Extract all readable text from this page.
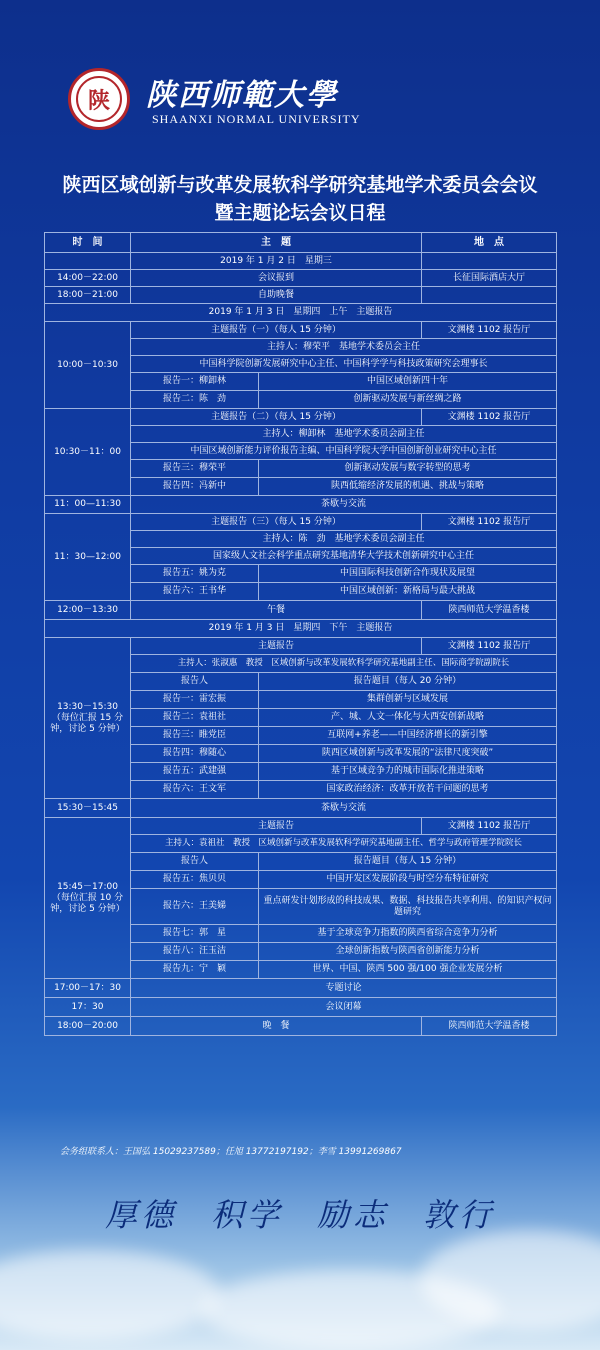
陕	陕西师範大學
SHAANXI NORMAL UNIVERSITY
陕西区域创新与改革发展软科学研究基地学术委员会会议
暨主题论坛会议日程
时　间	主　题		地　点
	2019 年 1 月 2 日　星期三		
14:00－22:00	会议报到		长征国际酒店大厅
18:00－21:00	自助晚餐		
2019 年 1 月 3 日　星期四　上午　主题报告			
10:00－10:30	主题报告（一）（每人 15 分钟）		文渊楼 1102 报告厅
	主持人：穆荣平　基地学术委员会主任		
	中国科学院创新发展研究中心主任、中国科学学与科技政策研究会理事长		
	报告一：柳卸林	中国区域创新四十年	
	报告二：陈　劲	创新驱动发展与新丝绸之路	
10:30－11：00	主题报告（二）（每人 15 分钟）		文渊楼 1102 报告厅
	主持人：柳卸林　基地学术委员会副主任		
	中国区域创新能力评价报告主编、中国科学院大学中国创新创业研究中心主任		
	报告三：穆荣平	创新驱动发展与数字转型的思考	
	报告四：冯新中	陕西低缩经济发展的机遇、挑战与策略	
11：00—11:30	茶歇与交流		
11：30—12:00	主题报告（三）（每人 15 分钟）		文渊楼 1102 报告厅
	主持人：陈　劲　基地学术委员会副主任		
	国家级人文社会科学重点研究基地清华大学技术创新研究中心主任		
	报告五：姚为克	中国国际科技创新合作现状及展望	
	报告六：王书华	中国区域创新：新格局与最大挑战	
12:00－13:30	午餐		陕西师范大学温香楼
2019 年 1 月 3 日　星期四　下午　主题报告			
13:30－15:30
（每位汇报 15 分钟，讨论 5 分钟）	主题报告		文渊楼 1102 报告厅
	主持人：张淑惠　教授　区域创新与改革发展软科学研究基地副主任、国际商学院副院长		
	报告人	报告题目（每人 20 分钟）	
	报告一：雷宏振	集群创新与区域发展	
	报告二：袁祖社	产、城、人文一体化与大西安创新战略	
	报告三：睢党臣	互联网+养老——中国经济增长的新引擎	
	报告四：穆随心	陕西区域创新与改革发展的“法律尺度突破”	
	报告五：武建强	基于区域竞争力的城市国际化推进策略	
	报告六：王文军	国家政治经济：改革开放若干问题的思考	
15:30－15:45	茶歇与交流		
15:45－17:00
（每位汇报 10 分钟，讨论 5 分钟）	主题报告		文渊楼 1102 报告厅
	主持人：袁祖社　教授　区域创新与改革发展软科学研究基地副主任、哲学与政府管理学院院长		
	报告人	报告题目（每人 15 分钟）	
	报告五：焦贝贝	中国开发区发展阶段与时空分布特征研究	
	报告六：王美娣	重点研发计划形成的科技成果、数据、科技报告共享利用、的知识产权问题研究	
	报告七：郭　星	基于全球竞争力指数的陕西省综合竞争力分析	
	报告八：汪玉洁	全球创新指数与陕西省创新能力分析	
	报告九：宁　颖	世界、中国、陕西 500 强/100 强企业发展分析	
17:00－17：30	专题讨论		
17：30	会议闭幕		
18:00－20:00	晚　餐		陕西师范大学温香楼
会务组联系人：王国弘 15029237589；任旭 13772197192；李雪 13991269867
厚德 积学 励志 敦行
